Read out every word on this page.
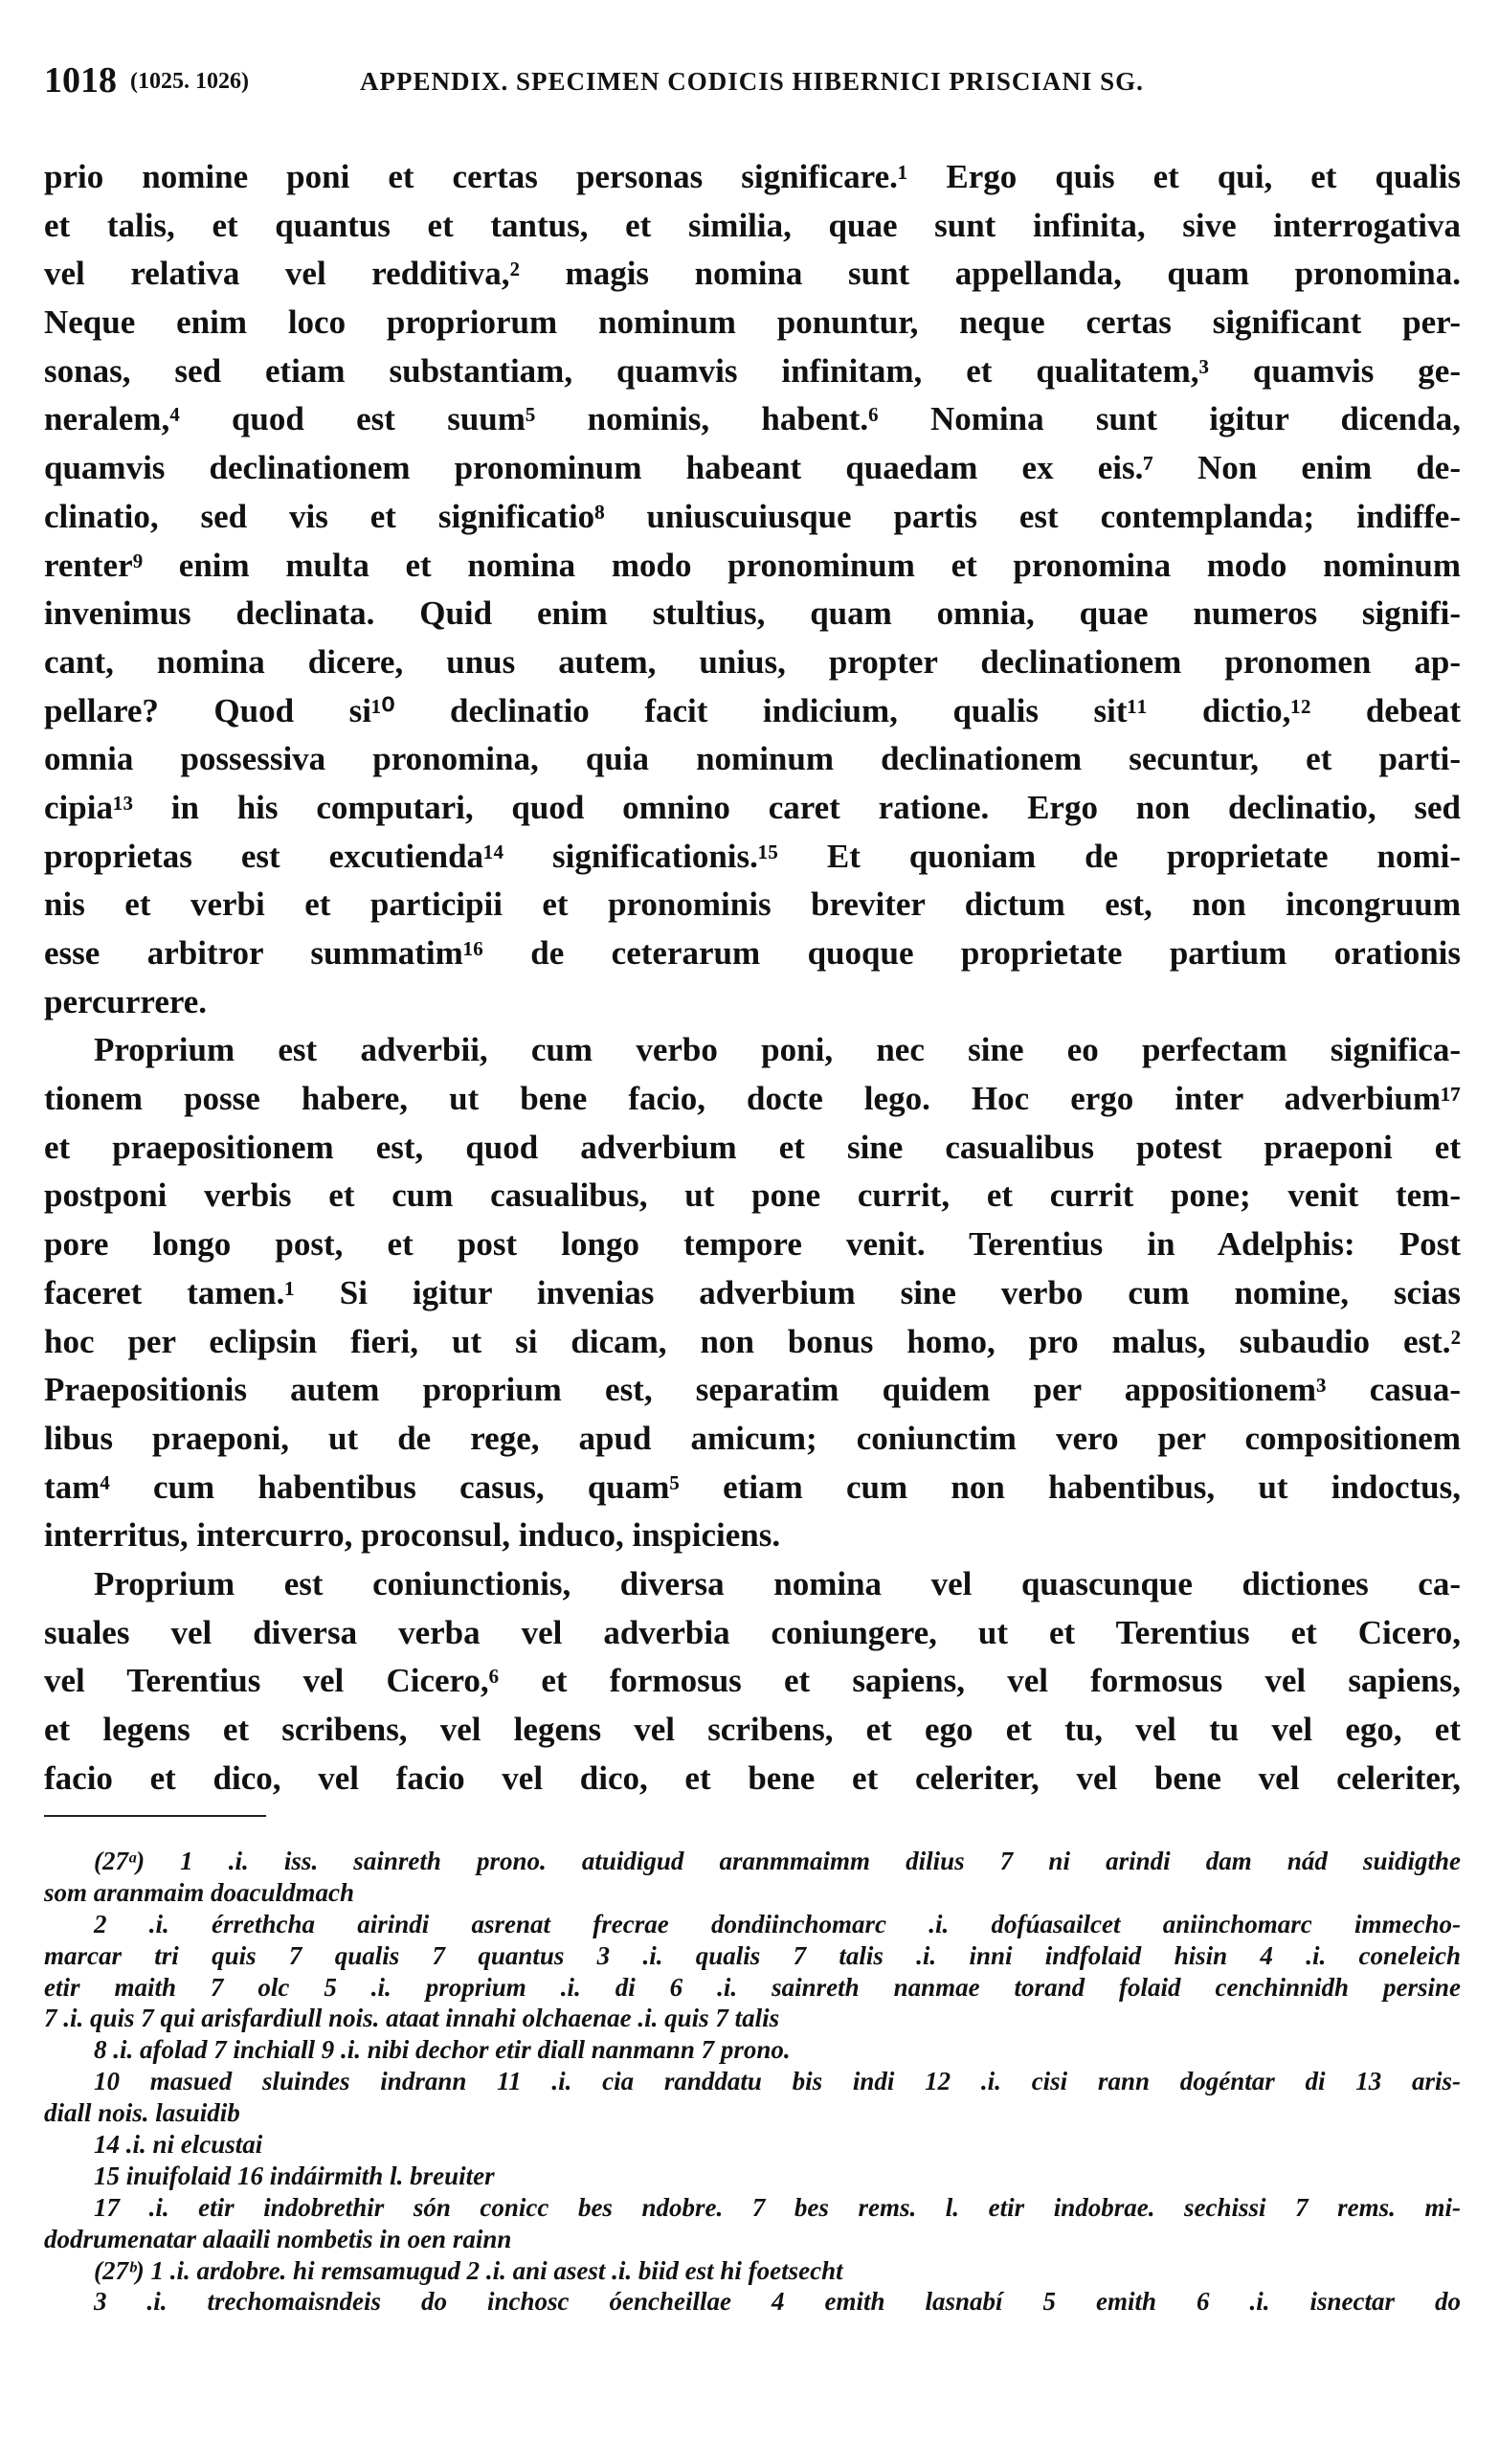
1018 (1025. 1026)	APPENDIX. SPECIMEN CODICIS HIBERNICI PRISCIANI SG.
prio nomine poni et certas personas significare.¹ Ergo quis et qui, et qualis
et talis, et quantus et tantus, et similia, quae sunt infinita, sive interrogativa
vel relativa vel redditiva,² magis nomina sunt appellanda, quam pronomina.
Neque enim loco propriorum nominum ponuntur, neque certas significant per-
sonas, sed etiam substantiam, quamvis infinitam, et qualitatem,³ quamvis ge-
neralem,⁴ quod est suum⁵ nominis, habent.⁶ Nomina sunt igitur dicenda,
quamvis declinationem pronominum habeant quaedam ex eis.⁷ Non enim de-
clinatio, sed vis et significatio⁸ uniuscuiusque partis est contemplanda; indiffe-
renter⁹ enim multa et nomina modo pronominum et pronomina modo nominum
invenimus declinata. Quid enim stultius, quam omnia, quae numeros signifi-
cant, nomina dicere, unus autem, unius, propter declinationem pronomen ap-
pellare? Quod si¹⁰ declinatio facit indicium, qualis sit¹¹ dictio,¹² debeat
omnia possessiva pronomina, quia nominum declinationem secuntur, et parti-
cipia¹³ in his computari, quod omnino caret ratione. Ergo non declinatio, sed
proprietas est excutienda¹⁴ significationis.¹⁵ Et quoniam de proprietate nomi-
nis et verbi et participii et pronominis breviter dictum est, non incongruum
esse arbitror summatim¹⁶ de ceterarum quoque proprietate partium orationis
percurrere.
Proprium est adverbii, cum verbo poni, nec sine eo perfectam significa-
tionem posse habere, ut bene facio, docte lego. Hoc ergo inter adverbium¹⁷
et praepositionem est, quod adverbium et sine casualibus potest praeponi et
postponi verbis et cum casualibus, ut pone currit, et currit pone; venit tem-
pore longo post, et post longo tempore venit. Terentius in Adelphis: Post
faceret tamen.¹ Si igitur invenias adverbium sine verbo cum nomine, scias
hoc per eclipsin fieri, ut si dicam, non bonus homo, pro malus, subaudio est.²
Praepositionis autem proprium est, separatim quidem per appositionem³ casua-
libus praeponi, ut de rege, apud amicum; coniunctim vero per compositionem
tam⁴ cum habentibus casus, quam⁵ etiam cum non habentibus, ut indoctus,
interritus, intercurro, proconsul, induco, inspiciens.
Proprium est coniunctionis, diversa nomina vel quascunque dictiones ca-
suales vel diversa verba vel adverbia coniungere, ut et Terentius et Cicero,
vel Terentius vel Cicero,⁶ et formosus et sapiens, vel formosus vel sapiens,
et legens et scribens, vel legens vel scribens, et ego et tu, vel tu vel ego, et
facio et dico, vel facio vel dico, et bene et celeriter, vel bene vel celeriter,
(27ᵃ) 1 .i. iss. sainreth prono. atuidigud aranmmaimm dilius 7 ni arindi dam nád suidigthe
som aranmaim doaculdmach
2 .i. érrethcha airindi asrenat frecrae dondiinchomarc .i. dofúasailcet aniinchomarc immecho-
marcar tri quis 7 qualis 7 quantus 3 .i. qualis 7 talis .i. inni indfolaid hisin 4 .i. coneleich
etir maith 7 olc 5 .i. proprium .i. di 6 .i. sainreth nanmae torand folaid cenchinnidh persine
7 .i. quis 7 qui arisfardiull nois. ataat innahi olchaenae .i. quis 7 talis
8 .i. afolad 7 inchiall 9 .i. nibi dechor etir diall nanmann 7 prono.
10 masued sluindes indrann 11 .i. cia randdatu bis indi 12 .i. cisi rann dogéntar di 13 aris-
diall nois. lasuidib
14 .i. ni elcustai
15 inuifolaid 16 indáirmith l. breuiter
17 .i. etir indobrethir són conicc bes ndobre. 7 bes rems. l. etir indobrae. sechissi 7 rems. mi-
dodrumenatar alaaili nombetis in oen rainn
(27ᵇ) 1 .i. ardobre. hi remsamugud 2 .i. ani asest .i. biid est hi foetsecht
3 .i. trechomaisndeis do inchosc óencheillae 4 emith lasnabí 5 emith 6 .i. isnectar do
